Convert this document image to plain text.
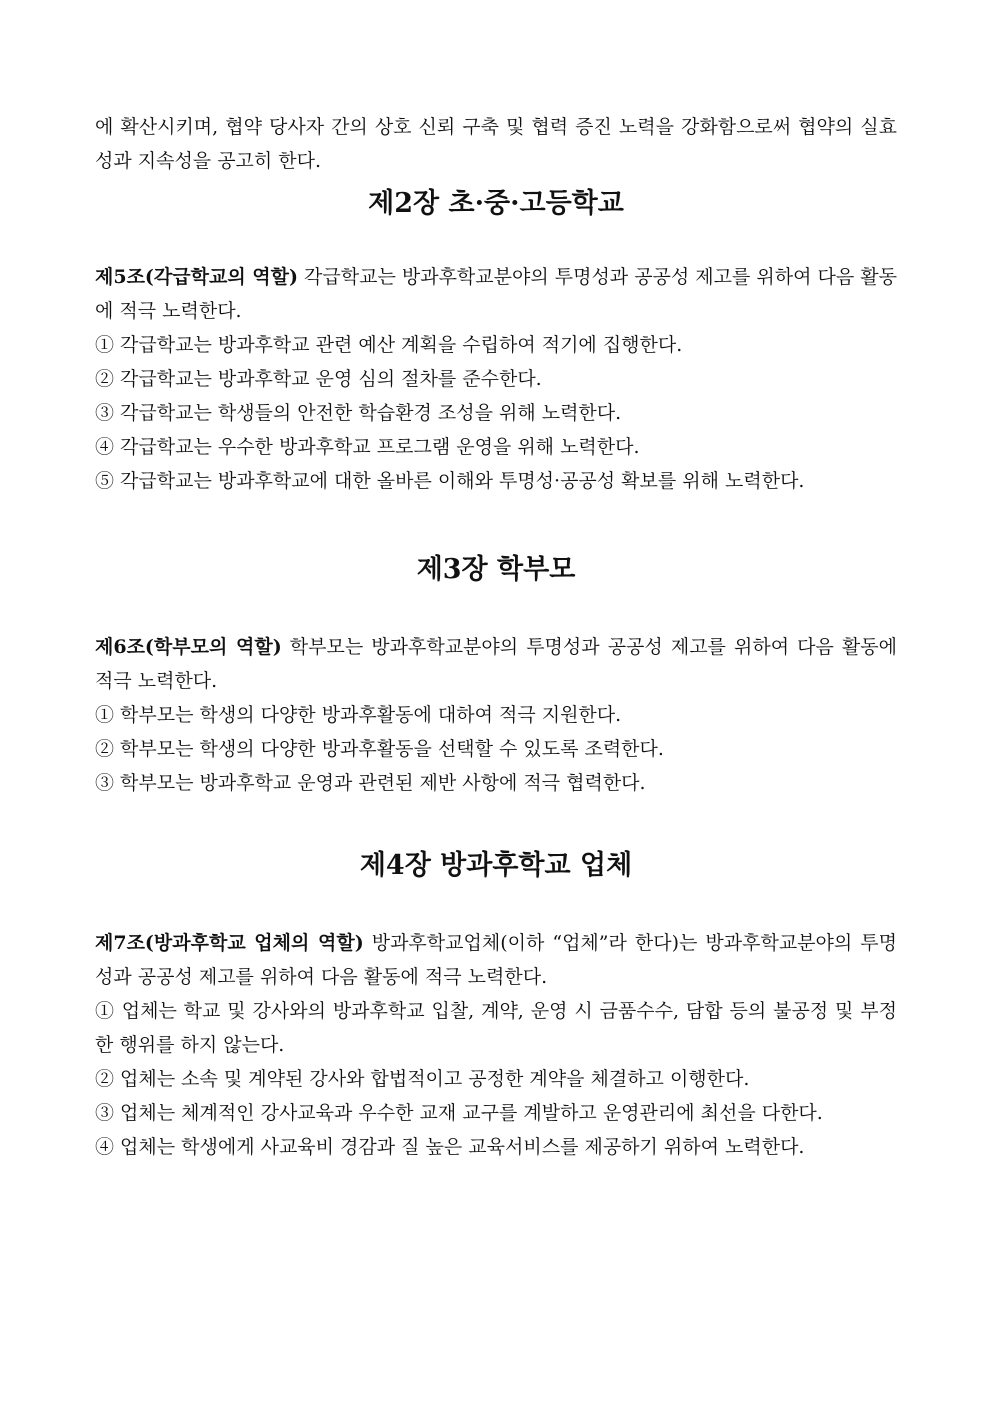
에 확산시키며, 협약 당사자 간의 상호 신뢰 구축 및 협력 증진 노력을 강화함으로써 협약의 실효성과 지속성을 공고히 한다.

제2장 초·중·고등학교

제5조(각급학교의 역할) 각급학교는 방과후학교분야의 투명성과 공공성 제고를 위하여 다음 활동에 적극 노력한다.

① 각급학교는 방과후학교 관련 예산 계획을 수립하여 적기에 집행한다.

② 각급학교는 방과후학교 운영 심의 절차를 준수한다.

③ 각급학교는 학생들의 안전한 학습환경 조성을 위해 노력한다.

④ 각급학교는 우수한 방과후학교 프로그램 운영을 위해 노력한다.

⑤ 각급학교는 방과후학교에 대한 올바른 이해와 투명성·공공성 확보를 위해 노력한다.

제3장 학부모

제6조(학부모의 역할) 학부모는 방과후학교분야의 투명성과 공공성 제고를 위하여 다음 활동에 적극 노력한다.

① 학부모는 학생의 다양한 방과후활동에 대하여 적극 지원한다.

② 학부모는 학생의 다양한 방과후활동을 선택할 수 있도록 조력한다.

③ 학부모는 방과후학교 운영과 관련된 제반 사항에 적극 협력한다.

제4장 방과후학교 업체

제7조(방과후학교 업체의 역할) 방과후학교업체(이하 “업체”라 한다)는 방과후학교분야의 투명성과 공공성 제고를 위하여 다음 활동에 적극 노력한다.

① 업체는 학교 및 강사와의 방과후학교 입찰, 계약, 운영 시 금품수수, 담합 등의 불공정 및 부정한 행위를 하지 않는다.

② 업체는 소속 및 계약된 강사와 합법적이고 공정한 계약을 체결하고 이행한다.

③ 업체는 체계적인 강사교육과 우수한 교재 교구를 계발하고 운영관리에 최선을 다한다.

④ 업체는 학생에게 사교육비 경감과 질 높은 교육서비스를 제공하기 위하여 노력한다.
